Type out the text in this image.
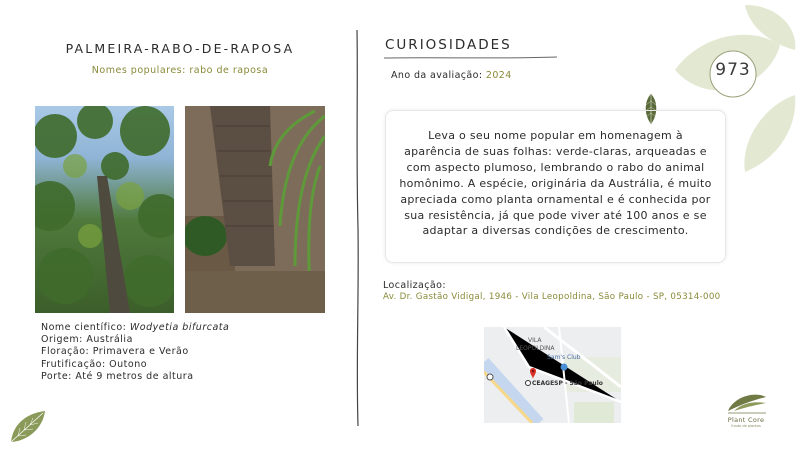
973
PALMEIRA-RABO-DE-RAPOSA
Nomes populares: rabo de raposa
Nome científico: Wodyetia bifurcata
Origem: Austrália
Floração: Primavera e Verão
Frutificação: Outono
Porte: Até 9 metros de altura
CURIOSIDADES
Ano da avaliação: 2024
Leva o seu nome popular em homenagem à aparência de suas folhas: verde-claras, arqueadas e com aspecto plumoso, lembrando o rabo do animal homônimo. A espécie, originária da Austrália, é muito apreciada como planta ornamental e é conhecida por sua resistência, já que pode viver até 100 anos e se adaptar a diversas condições de crescimento.
Localização:
Av. Dr. Gastão Vidigal, 1946 - Vila Leopoldina, São Paulo - SP, 05314-000
VILA
LEOPOLDINA
Sam's Club
CEAGESP - São Paulo
Plant Core
fundo de plantas
